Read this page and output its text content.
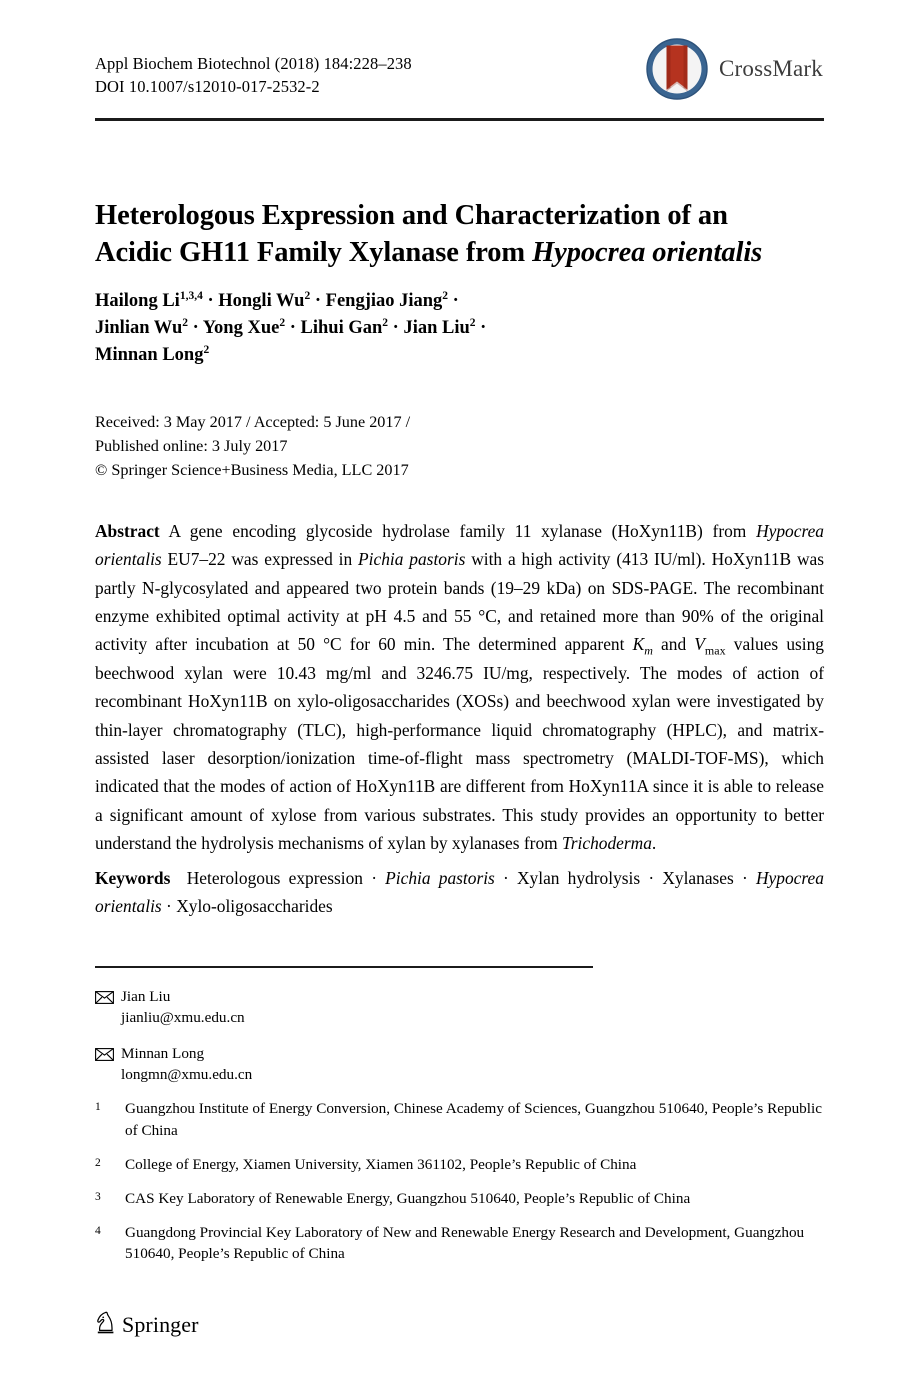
Appl Biochem Biotechnol (2018) 184:228–238
DOI 10.1007/s12010-017-2532-2
CrossMark
Heterologous Expression and Characterization of an
Acidic GH11 Family Xylanase from Hypocrea orientalis
Hailong Li$^{1,3,4}$ · Hongli $Wu^2$ · Fengjiao Jiang$^2$ ·
Jinlian $Wu^2$ · Yong Xue$^2$ · Lihui Gan$^2$ · Jian Liu$^2$ ·
Minnan Long$^2$
Received: 3 May 2017 / Accepted: 5 June 2017 /
Published online: 3 July 2017
© Springer Science+Business Media, LLC 2017
Abstract A gene encoding glycoside hydrolase family 11 xylanase (HoXyn11B) from Hypocrea orientalis EU7–22 was expressed in Pichia pastoris with a high activity (413 IU/ml). HoXyn11B was partly N-glycosylated and appeared two protein bands (19–29 kDa) on SDS-PAGE. The recombinant enzyme exhibited optimal activity at pH 4.5 and 55 °C, and retained more than 90% of the original activity after incubation at 50 °C for 60 min. The determined apparent $K_m$ and $V_{max}$ values using beechwood xylan were 10.43 mg/ml and 3246.75 IU/mg, respectively. The modes of action of recombinant HoXyn11B on xylo-oligosaccharides (XOSs) and beechwood xylan were investigated by thin-layer chromatography (TLC), high-performance liquid chromatography (HPLC), and matrix-assisted laser desorption/ionization time-of-flight mass spectrometry (MALDI-TOF-MS), which indicated that the modes of action of HoXyn11B are different from HoXyn11A since it is able to release a significant amount of xylose from various substrates. This study provides an opportunity to better understand the hydrolysis mechanisms of xylan by xylanases from Trichoderma.
Keywords Heterologous expression · Pichia pastoris · Xylan hydrolysis · Xylanases · Hypocrea orientalis · Xylo-oligosaccharides
Jian Liu
jianliu@xmu.edu.cn
Minnan Long
longmn@xmu.edu.cn
1	Guangzhou Institute of Energy Conversion, Chinese Academy of Sciences, Guangzhou 510640, People’s Republic of China
2	College of Energy, Xiamen University, Xiamen 361102, People’s Republic of China
3	CAS Key Laboratory of Renewable Energy, Guangzhou 510640, People’s Republic of China
4	Guangdong Provincial Key Laboratory of New and Renewable Energy Research and Development, Guangzhou 510640, People’s Republic of China
Springer
